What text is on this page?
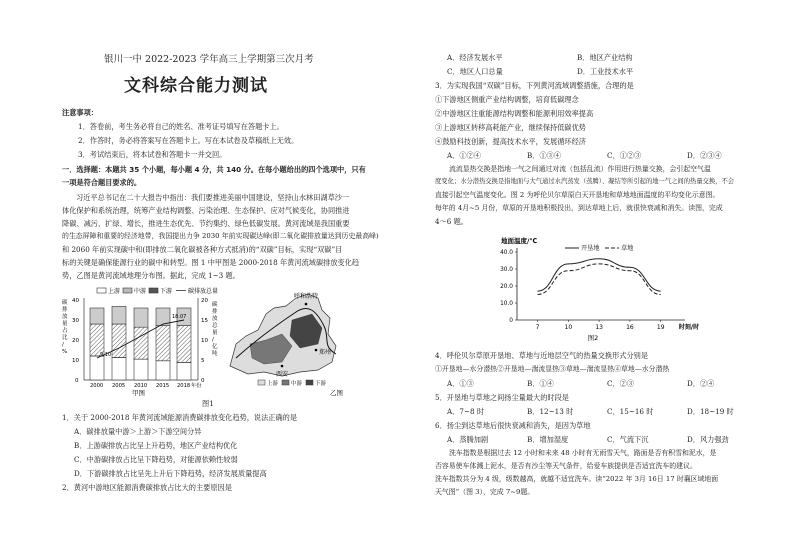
银川一中 2022-2023 学年高三上学期第三次月考
文科综合能力测试
注意事项：
1．答卷前，考生务必将自己的姓名、准考证号填写在答题卡上。
2．作答时，务必将答案写在答题卡上。写在本试卷及草稿纸上无效。
3．考试结束后，将本试卷和答题卡一并交回。
一．选择题：本题共 35 个小题，每小题 4 分，共 140 分。在每小题给出的四个选项中，只有
一项是符合题目要求的。
习近平总书记在二十大报告中指出：我们要推进美丽中国建设，坚持山水林田湖草沙一
体化保护和系统治理，统筹产业结构调整、污染治理、生态保护、应对气候变化，协同推进
降碳、减污、扩绿、增长，推进生态优先、节约集约、绿色低碳发展。黄河流域是我国重要
的生态屏障和重要的经济地带，我国提出力争 2030 年前实现碳达峰(即二氧化碳排放量达到历史最高峰)
和 2060 年前实现碳中和(即排放二氧化碳被各种方式抵消)的“双碳”目标，实现“双碳”目
标的关键是确保能源行业的碳中和转型。图 1 中甲图是 2000-2018 年黄河流域碳排放变化趋
势，乙图是黄河流域地理分布图。据此，完成 1~3 题。
上游 中游 下游	碳排放总量
碳
排
放
量
占
比
/
%
40
30
20
10
0
9.10
18.07
20
15
10
5
0
碳
排
放
总
量
/
亿
吨
2000 2005 2010 2015 2018 年份
甲图
呼和浩特
西安
郑州
上游 中游 下游
乙图
图1
1．关于 2000-2018 年黄河流域能源消费碳排放变化趋势，说法正确的是
A．碳排放量中游＞上游＞下游空间分异
B．上游碳排放占比呈上升趋势，地区产业结构优化
C．中游碳排放占比呈下降趋势，对能源依赖性较弱
D．下游碳排放占比呈先上升后下降趋势，经济发展质量提高
2．黄河中游地区能源消费碳排放占比大的主要原因是
A．经济发展水平	B．地区产业结构
C．地区人口总量	D．工业技术水平
3．为实现我国“双碳”目标，下列黄河流域调整措施，合理的是
①下游地区侧重产业结构调整，培育低碳理念
②中游地区注重能源结构调整和能源利用效率提高
③上游地区转移高耗能产业，继续保持低碳优势
④鼓励科技创新，提高技术水平，发展循环经济
A．①②④	B．①③④	C．①②③	D．②③④
流流显热交换是指地一气之间通过对流（包括乱流）作用进行热量交换，会引起空气温
度变化；水分潜热交换是指地面与大气通过水汽蒸发（蒸腾）、凝结等所引起的地一气之间的热量交换，不会
直接引起空气温度变化。图 2 为呼伦贝尔草原白天开垦地和草地地面温度的平均变化示意图。
每年的 4月~5 月份，草原的开垦地积极投出，到达草地上后，就很快衰减和消失。读图，完成
4～6 题。
地面温度/℃
40.0
30.0
20.0
10.0
0
7	10	13	16	19 时刻/时
开垦地	草地
图2
4．呼伦贝尔草原开垦地、草地与近地层空气的热量交换形式分别是
①开垦地—水分潜热②开垦地—湍流显热③草地—湍流显热④草地—水分潜热
A．①③	B．①④	C．②③	D．②④
5．开垦地与草地之间扬尘量最大的时段是
A．7~8 时	B．12~13 时	C．15~16 时	D．18~19 时
6．扬尘到达草地后很快衰减和消失，是因为草地
A．蒸腾加剧	B．增加湿度	C．气流下沉	D．风力强劲
洗车指数是根据过去 12 小时和未来 48 小时有无雨雪天气，路面是否有积雪和泥水，是
否容易使车体溅上泥水，是否有沙尘等天气条件，给爱车族提供是否适宜洗车的建议。
洗车指数共分为 4 级，级数越高，就越不适宜洗车。读“2022 年 3月 16日 17 时襄区域地面
天气图”（图 3），完成 7~9题。
